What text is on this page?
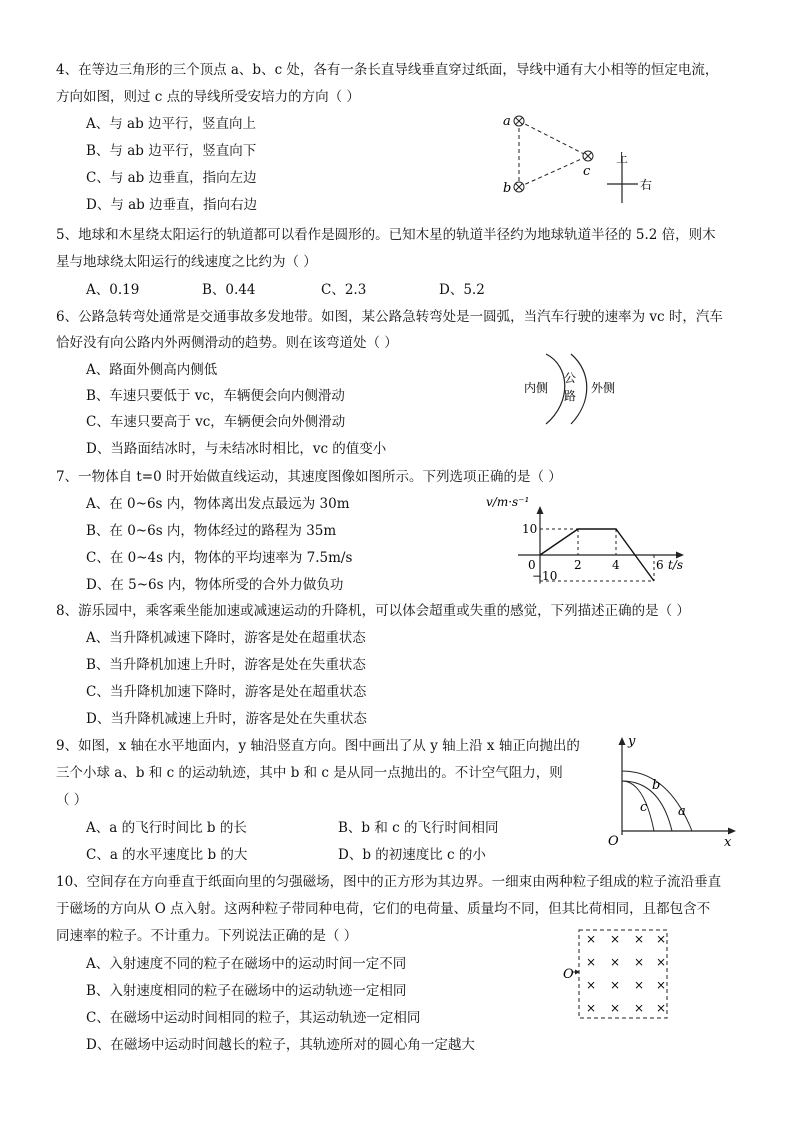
4、在等边三角形的三个顶点 a、b、c 处，各有一条长直导线垂直穿过纸面，导线中通有大小相等的恒定电流，
方向如图，则过 c 点的导线所受安培力的方向（ ）
A、与 ab 边平行，竖直向上
B、与 ab 边平行，竖直向下
C、与 ab 边垂直，指向左边
D、与 ab 边垂直，指向右边
a
b
c
上
右
5、地球和木星绕太阳运行的轨道都可以看作是圆形的。已知木星的轨道半径约为地球轨道半径的 5.2 倍，则木
星与地球绕太阳运行的线速度之比约为（ ）
A、0.19	B、0.44	C、2.3	D、5.2
6、公路急转弯处通常是交通事故多发地带。如图，某公路急转弯处是一圆弧，当汽车行驶的速率为 vc 时，汽车
恰好没有向公路内外两侧滑动的趋势。则在该弯道处（ ）
A、路面外侧高内侧低
B、车速只要低于 vc，车辆便会向内侧滑动
C、车速只要高于 vc，车辆便会向外侧滑动
D、当路面结冰时，与未结冰时相比，vc 的值变小
内侧
公
路
外侧
7、一物体自 t=0 时开始做直线运动，其速度图像如图所示。下列选项正确的是（ ）
A、在 0~6s 内，物体离出发点最远为 30m
B、在 0~6s 内，物体经过的路程为 35m
C、在 0~4s 内，物体的平均速率为 7.5m/s
D、在 5~6s 内，物体所受的合外力做负功
v/m·s⁻¹
t/s
−10
10
0	2	4	6
8、游乐园中，乘客乘坐能加速或减速运动的升降机，可以体会超重或失重的感觉，下列描述正确的是（ ）
A、当升降机减速下降时，游客是处在超重状态
B、当升降机加速上升时，游客是处在失重状态
C、当升降机加速下降时，游客是处在超重状态
D、当升降机减速上升时，游客是处在失重状态
9、如图，x 轴在水平地面内，y 轴沿竖直方向。图中画出了从 y 轴上沿 x 轴正向抛出的
三个小球 a、b 和 c 的运动轨迹，其中 b 和 c 是从同一点抛出的。不计空气阻力，则
（ ）
A、a 的飞行时间比 b 的长	B、b 和 c 的飞行时间相同
C、a 的水平速度比 b 的大	D、b 的初速度比 c 的小
y
x
O
a
b
c
10、空间存在方向垂直于纸面向里的匀强磁场，图中的正方形为其边界。一细束由两种粒子组成的粒子流沿垂直
于磁场的方向从 O 点入射。这两种粒子带同种电荷，它们的电荷量、质量均不同，但其比荷相同，且都包含不
同速率的粒子。不计重力。下列说法正确的是（ ）
A、入射速度不同的粒子在磁场中的运动时间一定不同
B、入射速度相同的粒子在磁场中的运动轨迹一定相同
C、在磁场中运动时间相同的粒子，其运动轨迹一定相同
D、在磁场中运动时间越长的粒子，其轨迹所对的圆心角一定越大
O
× × × ×
× × × ×
× × × ×
× × × ×
